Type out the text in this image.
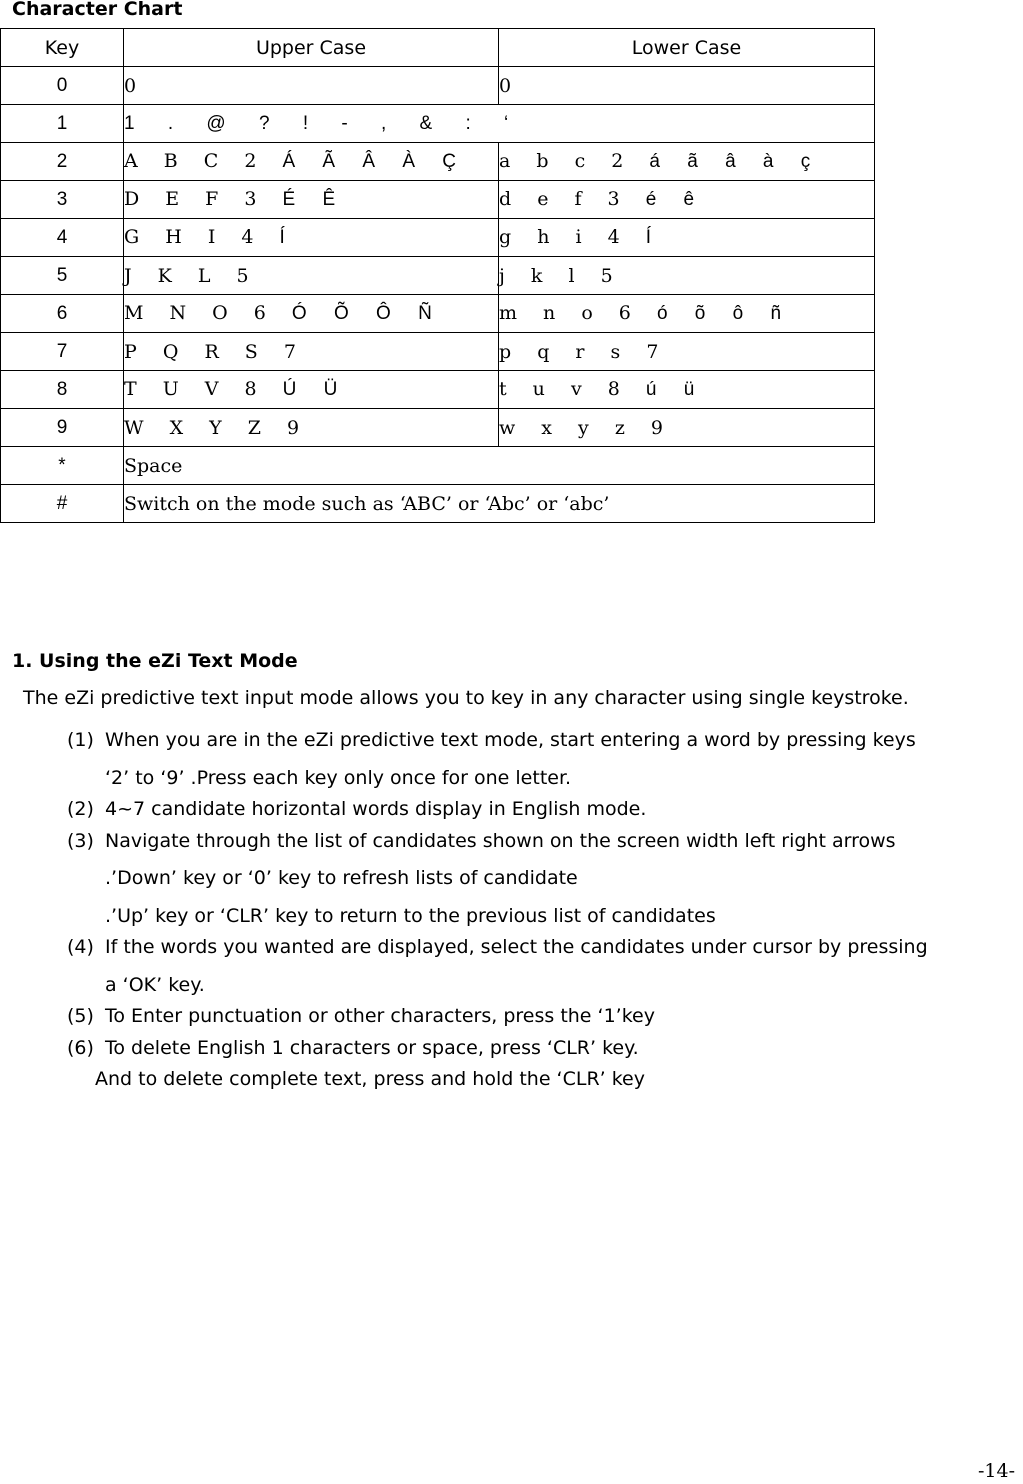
Character Chart
Key	Upper Case	Lower Case
0	0	0
1	1 . @ ? ! - , & : ‘	
2	A B C 2 Á Ã Â À Ç	a b c 2 á ã â à ç
3	D E F 3 É Ê	d e f 3 é ê
4	G H I 4 Í	g h i 4 Í
5	J K L 5	j k l 5
6	M N O 6 Ó Õ Ô Ñ	m n o 6 ó õ ô ñ
7	P Q R S 7	p q r s 7
8	T U V 8 Ú Ü	t u v 8 ú ü
9	W X Y Z 9	w x y z 9
*	Space	
#	Switch on the mode such as ‘ABC’ or ‘Abc’ or ‘abc’	
1. Using the eZi Text Mode

The eZi predictive text input mode allows you to key in any character using single keystroke.

(1) When you are in the eZi predictive text mode, start entering a word by pressing keys
‘2’ to ‘9’ .Press each key only once for one letter.
(2) 4~7 candidate horizontal words display in English mode.
(3) Navigate through the list of candidates shown on the screen width left right arrows
.’Down’ key or ‘0’ key to refresh lists of candidate
.’Up’ key or ‘CLR’ key to return to the previous list of candidates
(4) If the words you wanted are displayed, select the candidates under cursor by pressing
a ‘OK’ key.
(5) To Enter punctuation or other characters, press the ‘1’key
(6) To delete English 1 characters or space, press ‘CLR’ key.
And to delete complete text, press and hold the ‘CLR’ key
-14-
